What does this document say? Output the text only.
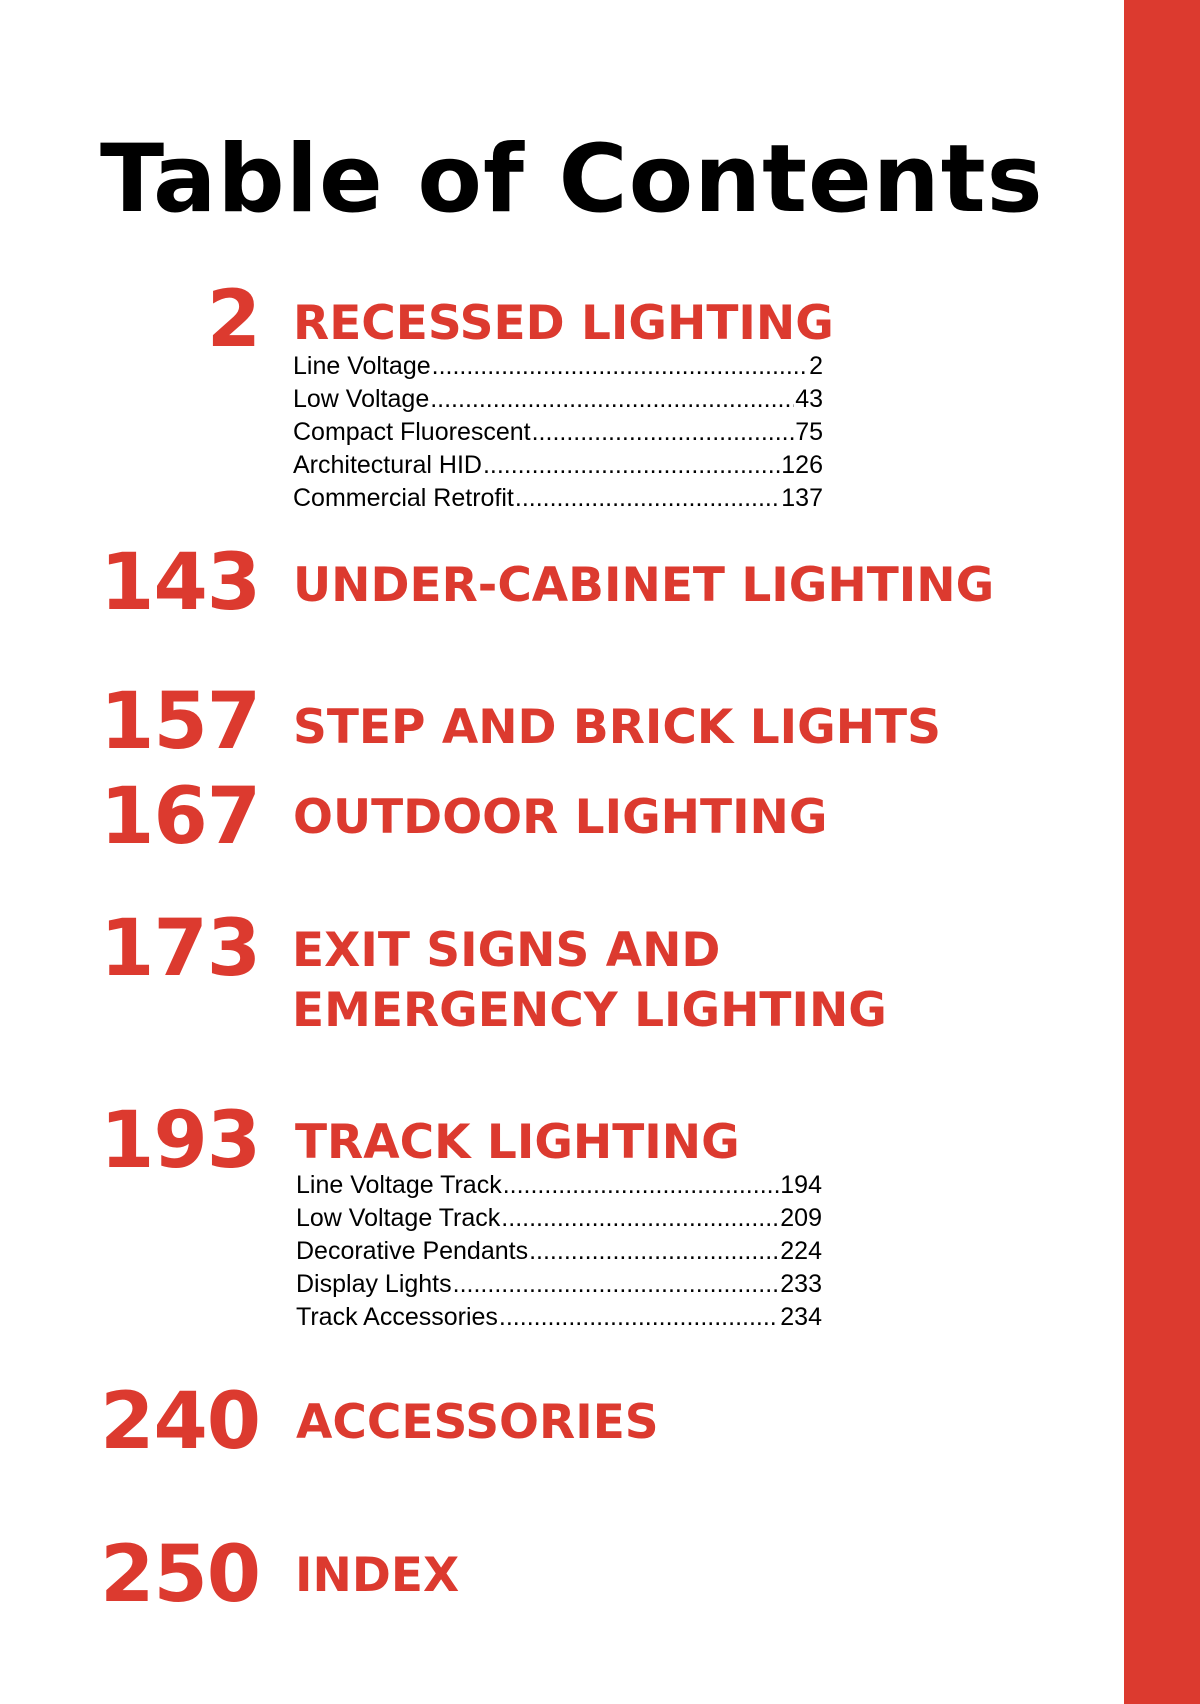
Table of Contents
2 RECESSED LIGHTING
Line Voltage .....	2
Low Voltage .....	43
Compact Fluorescent .....	75
Architectural HID .....	126
Commercial Retrofit .....	137
143 UNDER-CABINET LIGHTING
157 STEP AND BRICK LIGHTS
167 OUTDOOR LIGHTING
173 EXIT SIGNS AND
EMERGENCY LIGHTING
193 TRACK LIGHTING
Line Voltage Track .....	194
Low Voltage Track .....	209
Decorative Pendants .....	224
Display Lights .....	233
Track Accessories .....	234
240 ACCESSORIES
250 INDEX
